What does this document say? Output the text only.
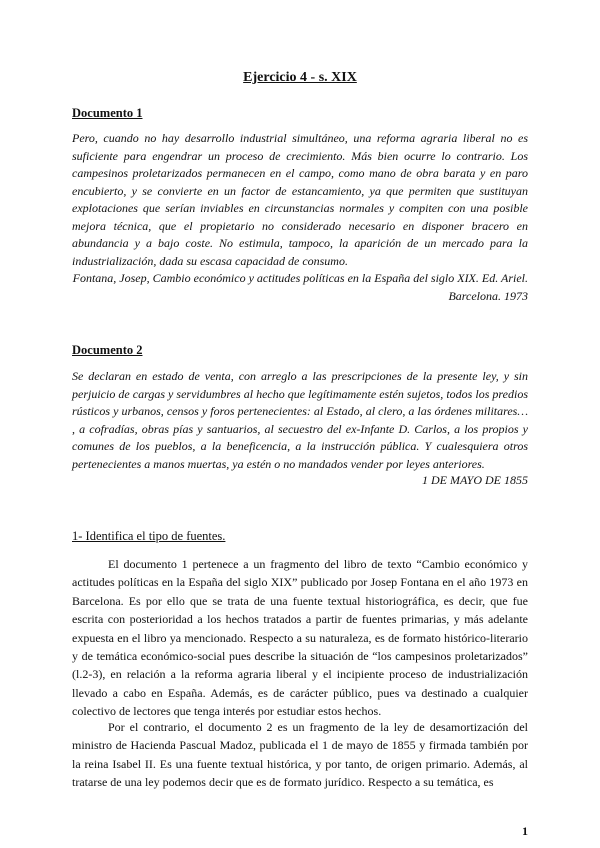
Ejercicio 4 - s. XIX
Documento 1

Pero, cuando no hay desarrollo industrial simultáneo, una reforma agraria liberal no es suficiente para engendrar un proceso de crecimiento. Más bien ocurre lo contrario. Los campesinos proletarizados permanecen en el campo, como mano de obra barata y en paro encubierto, y se convierte en un factor de estancamiento, ya que permiten que sustituyan explotaciones que serían inviables en circunstancias normales y compiten con una posible mejora técnica, que el propietario no considerado necesario en disponer bracero en abundancia y a bajo coste. No estimula, tampoco, la aparición de un mercado para la industrialización, dada su escasa capacidad de consumo.

Fontana, Josep, Cambio económico y actitudes políticas en la España del siglo XIX. Ed. Ariel. Barcelona. 1973

Documento 2

Se declaran en estado de venta, con arreglo a las prescripciones de la presente ley, y sin perjuicio de cargas y servidumbres al hecho que legítimamente estén sujetos, todos los predios rústicos y urbanos, censos y foros pertenecientes: al Estado, al clero, a las órdenes militares… , a cofradías, obras pías y santuarios, al secuestro del ex-Infante D. Carlos, a los propios y comunes de los pueblos, a la beneficencia, a la instrucción pública. Y cualesquiera otros pertenecientes a manos muertas, ya estén o no mandados vender por leyes anteriores.

1 DE MAYO DE 1855

1- Identifica el tipo de fuentes.

El documento 1 pertenece a un fragmento del libro de texto “Cambio económico y actitudes políticas en la España del siglo XIX” publicado por Josep Fontana en el año 1973 en Barcelona. Es por ello que se trata de una fuente textual historiográfica, es decir, que fue escrita con posterioridad a los hechos tratados a partir de fuentes primarias, y más adelante expuesta en el libro ya mencionado. Respecto a su naturaleza, es de formato histórico-literario y de temática económico-social pues describe la situación de “los campesinos proletarizados” (l.2-3), en relación a la reforma agraria liberal y el incipiente proceso de industrialización llevado a cabo en España. Además, es de carácter público, pues va destinado a cualquier colectivo de lectores que tenga interés por estudiar estos hechos.

Por el contrario, el documento 2 es un fragmento de la ley de desamortización del ministro de Hacienda Pascual Madoz, publicada el 1 de mayo de 1855 y firmada también por la reina Isabel II. Es una fuente textual histórica, y por tanto, de origen primario. Además, al tratarse de una ley podemos decir que es de formato jurídico. Respecto a su temática, es

1
